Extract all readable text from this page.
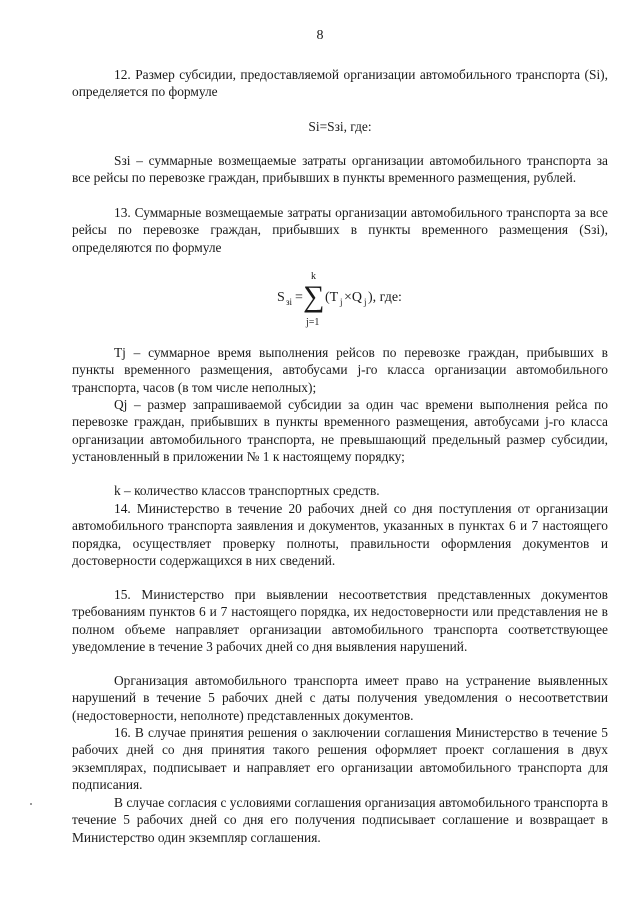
8

12. Размер субсидии, предоставляемой организации автомобильного транспорта (Si), определяется по формуле

Si=Sзi, где:

Sзi – суммарные возмещаемые затраты организации автомобильного транспорта за все рейсы по перевозке граждан, прибывших в пункты временного размещения, рублей.

13. Суммарные возмещаемые затраты организации автомобильного транспорта за все рейсы по перевозке граждан, прибывших в пункты временного размещения (Sзi), определяются по формуле

S зi = ∑
k
j=1
(T j ×Q j ), где:

Tj – суммарное время выполнения рейсов по перевозке граждан, прибывших в пункты временного размещения, автобусами j-го класса организации автомобильного транспорта, часов (в том числе неполных);

Qj – размер запрашиваемой субсидии за один час времени выполнения рейса по перевозке граждан, прибывших в пункты временного размещения, автобусами j-го класса организации автомобильного транспорта, не превышающий предельный размер субсидии, установленный в приложении № 1 к настоящему порядку;

k – количество классов транспортных средств.

14. Министерство в течение 20 рабочих дней со дня поступления от организации автомобильного транспорта заявления и документов, указанных в пунктах 6 и 7 настоящего порядка, осуществляет проверку полноты, правильности оформления документов и достоверности содержащихся в них сведений.

15. Министерство при выявлении несоответствия представленных документов требованиям пунктов 6 и 7 настоящего порядка, их недостоверности или представления не в полном объеме направляет организации автомобильного транспорта соответствующее уведомление в течение 3 рабочих дней со дня выявления нарушений.

Организация автомобильного транспорта имеет право на устранение выявленных нарушений в течение 5 рабочих дней с даты получения уведомления о несоответствии (недостоверности, неполноте) представленных документов.

16. В случае принятия решения о заключении соглашения Министерство в течение 5 рабочих дней со дня принятия такого решения оформляет проект соглашения в двух экземплярах, подписывает и направляет его организации автомобильного транспорта для подписания.

В случае согласия с условиями соглашения организация автомобильного транспорта в течение 5 рабочих дней со дня его получения подписывает соглашение и возвращает в Министерство один экземпляр соглашения.
